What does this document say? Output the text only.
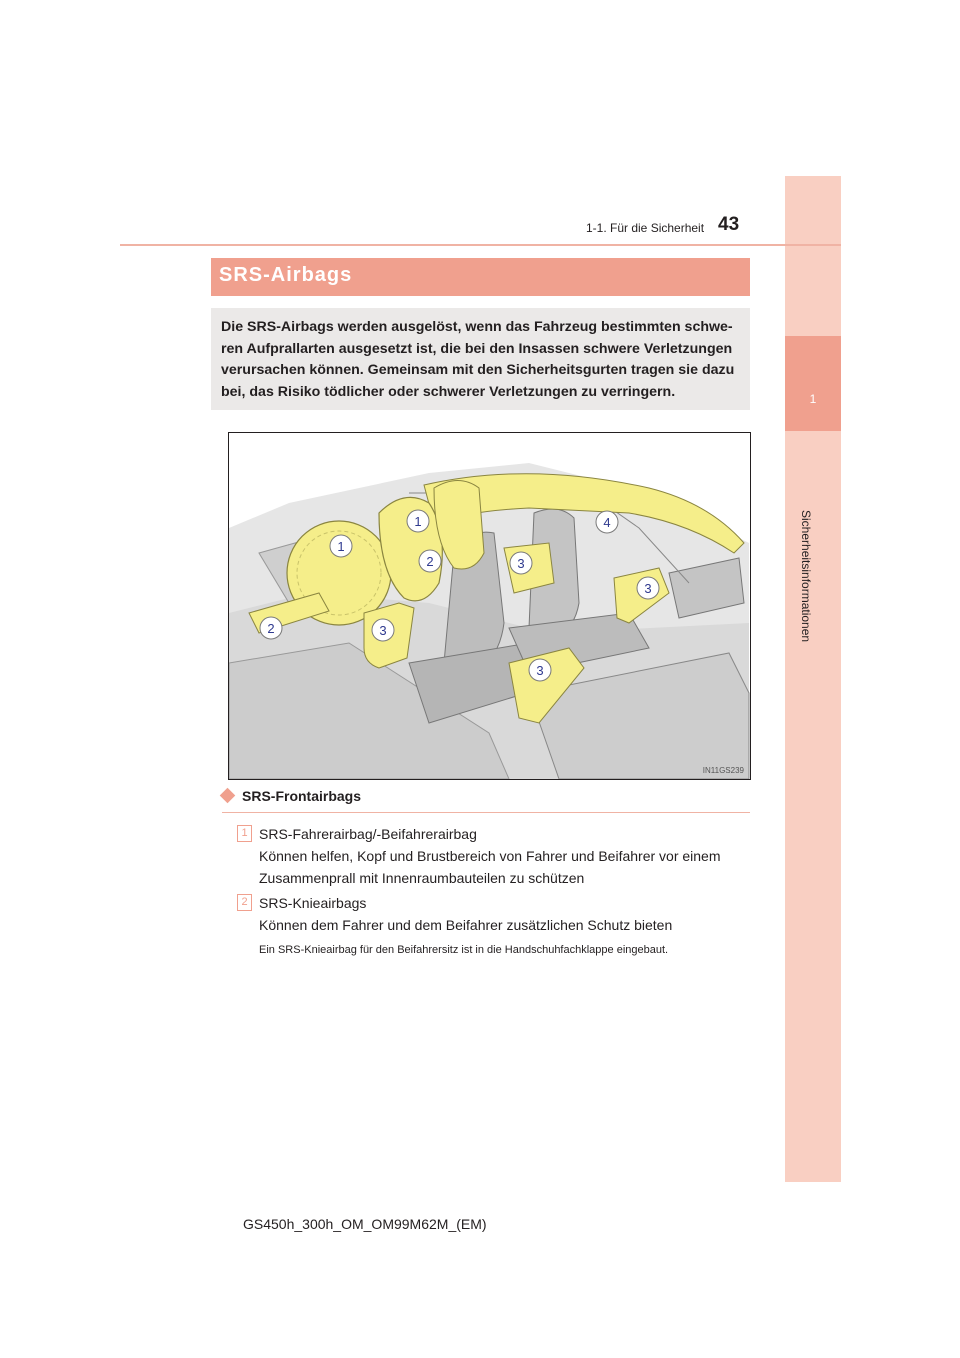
1
Sicherheitsinformationen
1-1. Für die Sicherheit 43
SRS-Airbags

Die SRS-Airbags werden ausgelöst, wenn das Fahrzeug bestimmten schwe-ren Aufprallarten ausgesetzt ist, die bei den Insassen schwere Verletzungen verursachen können. Gemeinsam mit den Sicherheitsgurten tragen sie dazu bei, das Risiko tödlicher oder schwerer Verletzungen zu verringern.

1
1
2
2
3
3
3
3
4
IN11GS239
SRS-Frontairbags
1 SRS-Fahrerairbag/-Beifahrerairbag
Können helfen, Kopf und Brustbereich von Fahrer und Beifahrer vor einem
Zusammenprall mit Innenraumbauteilen zu schützen
2 SRS-Knieairbags
Können dem Fahrer und dem Beifahrer zusätzlichen Schutz bieten
Ein SRS-Knieairbag für den Beifahrersitz ist in die Handschuhfachklappe eingebaut.
GS450h_300h_OM_OM99M62M_(EM)
